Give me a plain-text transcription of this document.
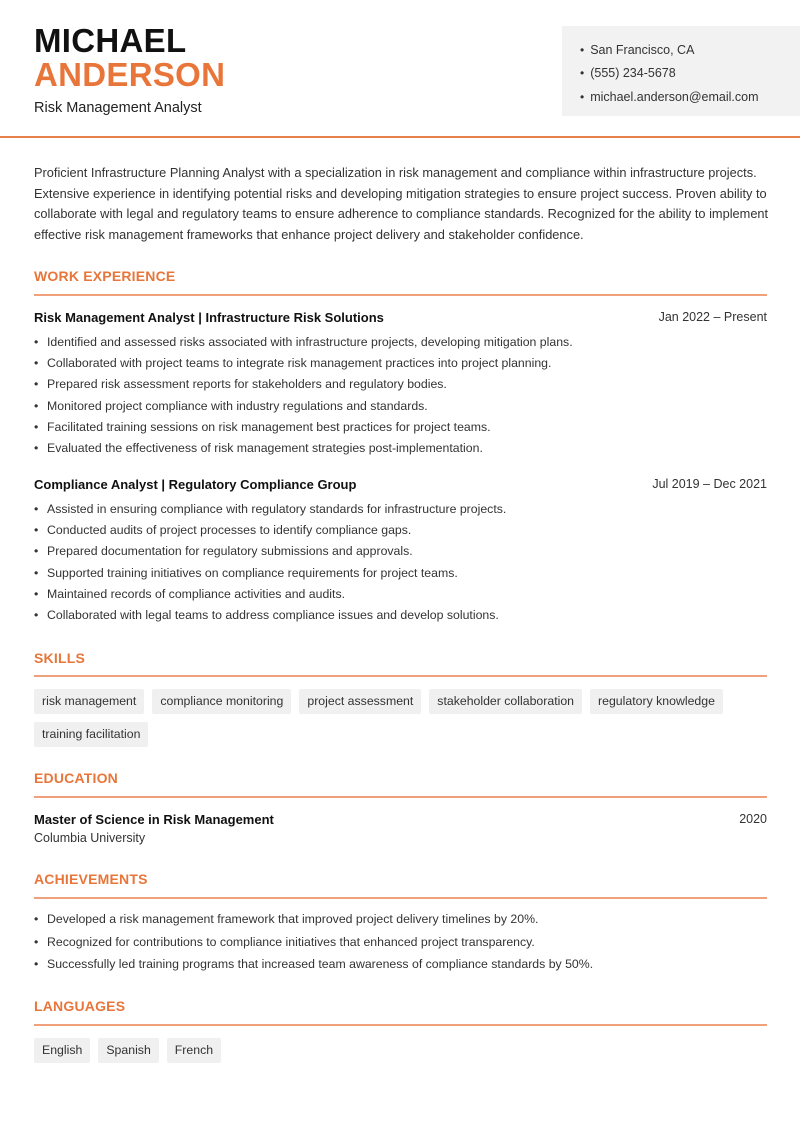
MICHAEL
ANDERSON
Risk Management Analyst
• San Francisco, CA
• (555) 234-5678
• michael.anderson@email.com
Proficient Infrastructure Planning Analyst with a specialization in risk management and compliance within infrastructure projects. Extensive experience in identifying potential risks and developing mitigation strategies to ensure project success. Proven ability to collaborate with legal and regulatory teams to ensure adherence to compliance standards. Recognized for the ability to implement effective risk management frameworks that enhance project delivery and stakeholder confidence.
WORK EXPERIENCE
Risk Management Analyst | Infrastructure Risk Solutions	Jan 2022 – Present
• Identified and assessed risks associated with infrastructure projects, developing mitigation plans.
• Collaborated with project teams to integrate risk management practices into project planning.
• Prepared risk assessment reports for stakeholders and regulatory bodies.
• Monitored project compliance with industry regulations and standards.
• Facilitated training sessions on risk management best practices for project teams.
• Evaluated the effectiveness of risk management strategies post-implementation.
Compliance Analyst | Regulatory Compliance Group	Jul 2019 – Dec 2021
• Assisted in ensuring compliance with regulatory standards for infrastructure projects.
• Conducted audits of project processes to identify compliance gaps.
• Prepared documentation for regulatory submissions and approvals.
• Supported training initiatives on compliance requirements for project teams.
• Maintained records of compliance activities and audits.
• Collaborated with legal teams to address compliance issues and develop solutions.
SKILLS
risk management	compliance monitoring	project assessment	stakeholder collaboration	regulatory knowledge
training facilitation
EDUCATION
Master of Science in Risk Management	2020
Columbia University
ACHIEVEMENTS
• Developed a risk management framework that improved project delivery timelines by 20%.
• Recognized for contributions to compliance initiatives that enhanced project transparency.
• Successfully led training programs that increased team awareness of compliance standards by 50%.
LANGUAGES
English	Spanish	French
